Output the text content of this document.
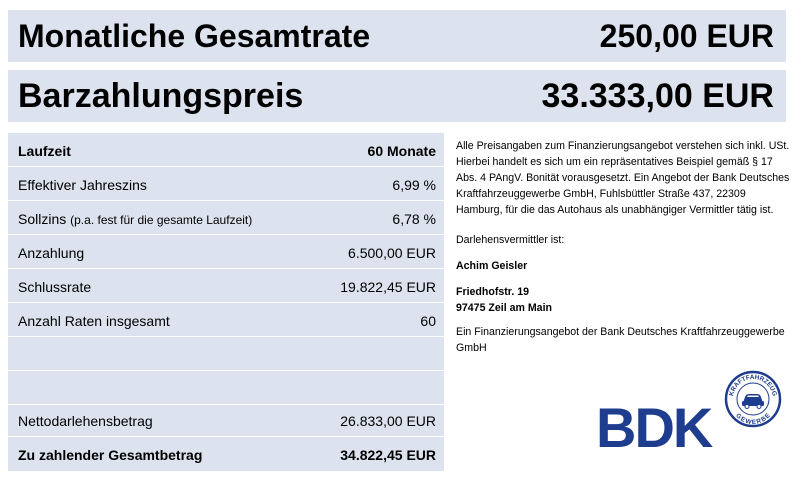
Monatliche Gesamtrate	250,00 EUR
Barzahlungspreis	33.333,00 EUR
Laufzeit	60 Monate
Effektiver Jahreszins	6,99 %
Sollzins (p.a. fest für die gesamte Laufzeit)	6,78 %
Anzahlung	6.500,00 EUR
Schlussrate	19.822,45 EUR
Anzahl Raten insgesamt	60
Nettodarlehensbetrag	26.833,00 EUR
Zu zahlender Gesamtbetrag	34.822,45 EUR

Alle Preisangaben zum Finanzierungsangebot verstehen sich inkl. USt. Hierbei handelt es sich um ein repräsentatives Beispiel gemäß § 17 Abs. 4 PAngV. Bonität vorausgesetzt. Ein Angebot der Bank Deutsches Kraftfahrzeuggewerbe GmbH, Fuhlsbüttler Straße 437, 22309 Hamburg, für die das Autohaus als unabhängiger Vermittler tätig ist.

Darlehensvermittler ist:

Achim Geisler

Friedhofstr. 19

97475 Zeil am Main

Ein Finanzierungsangebot der Bank Deutsches Kraftfahrzeuggewerbe GmbH

BDK
KRAFTFAHRZEUG
GEWERBE
